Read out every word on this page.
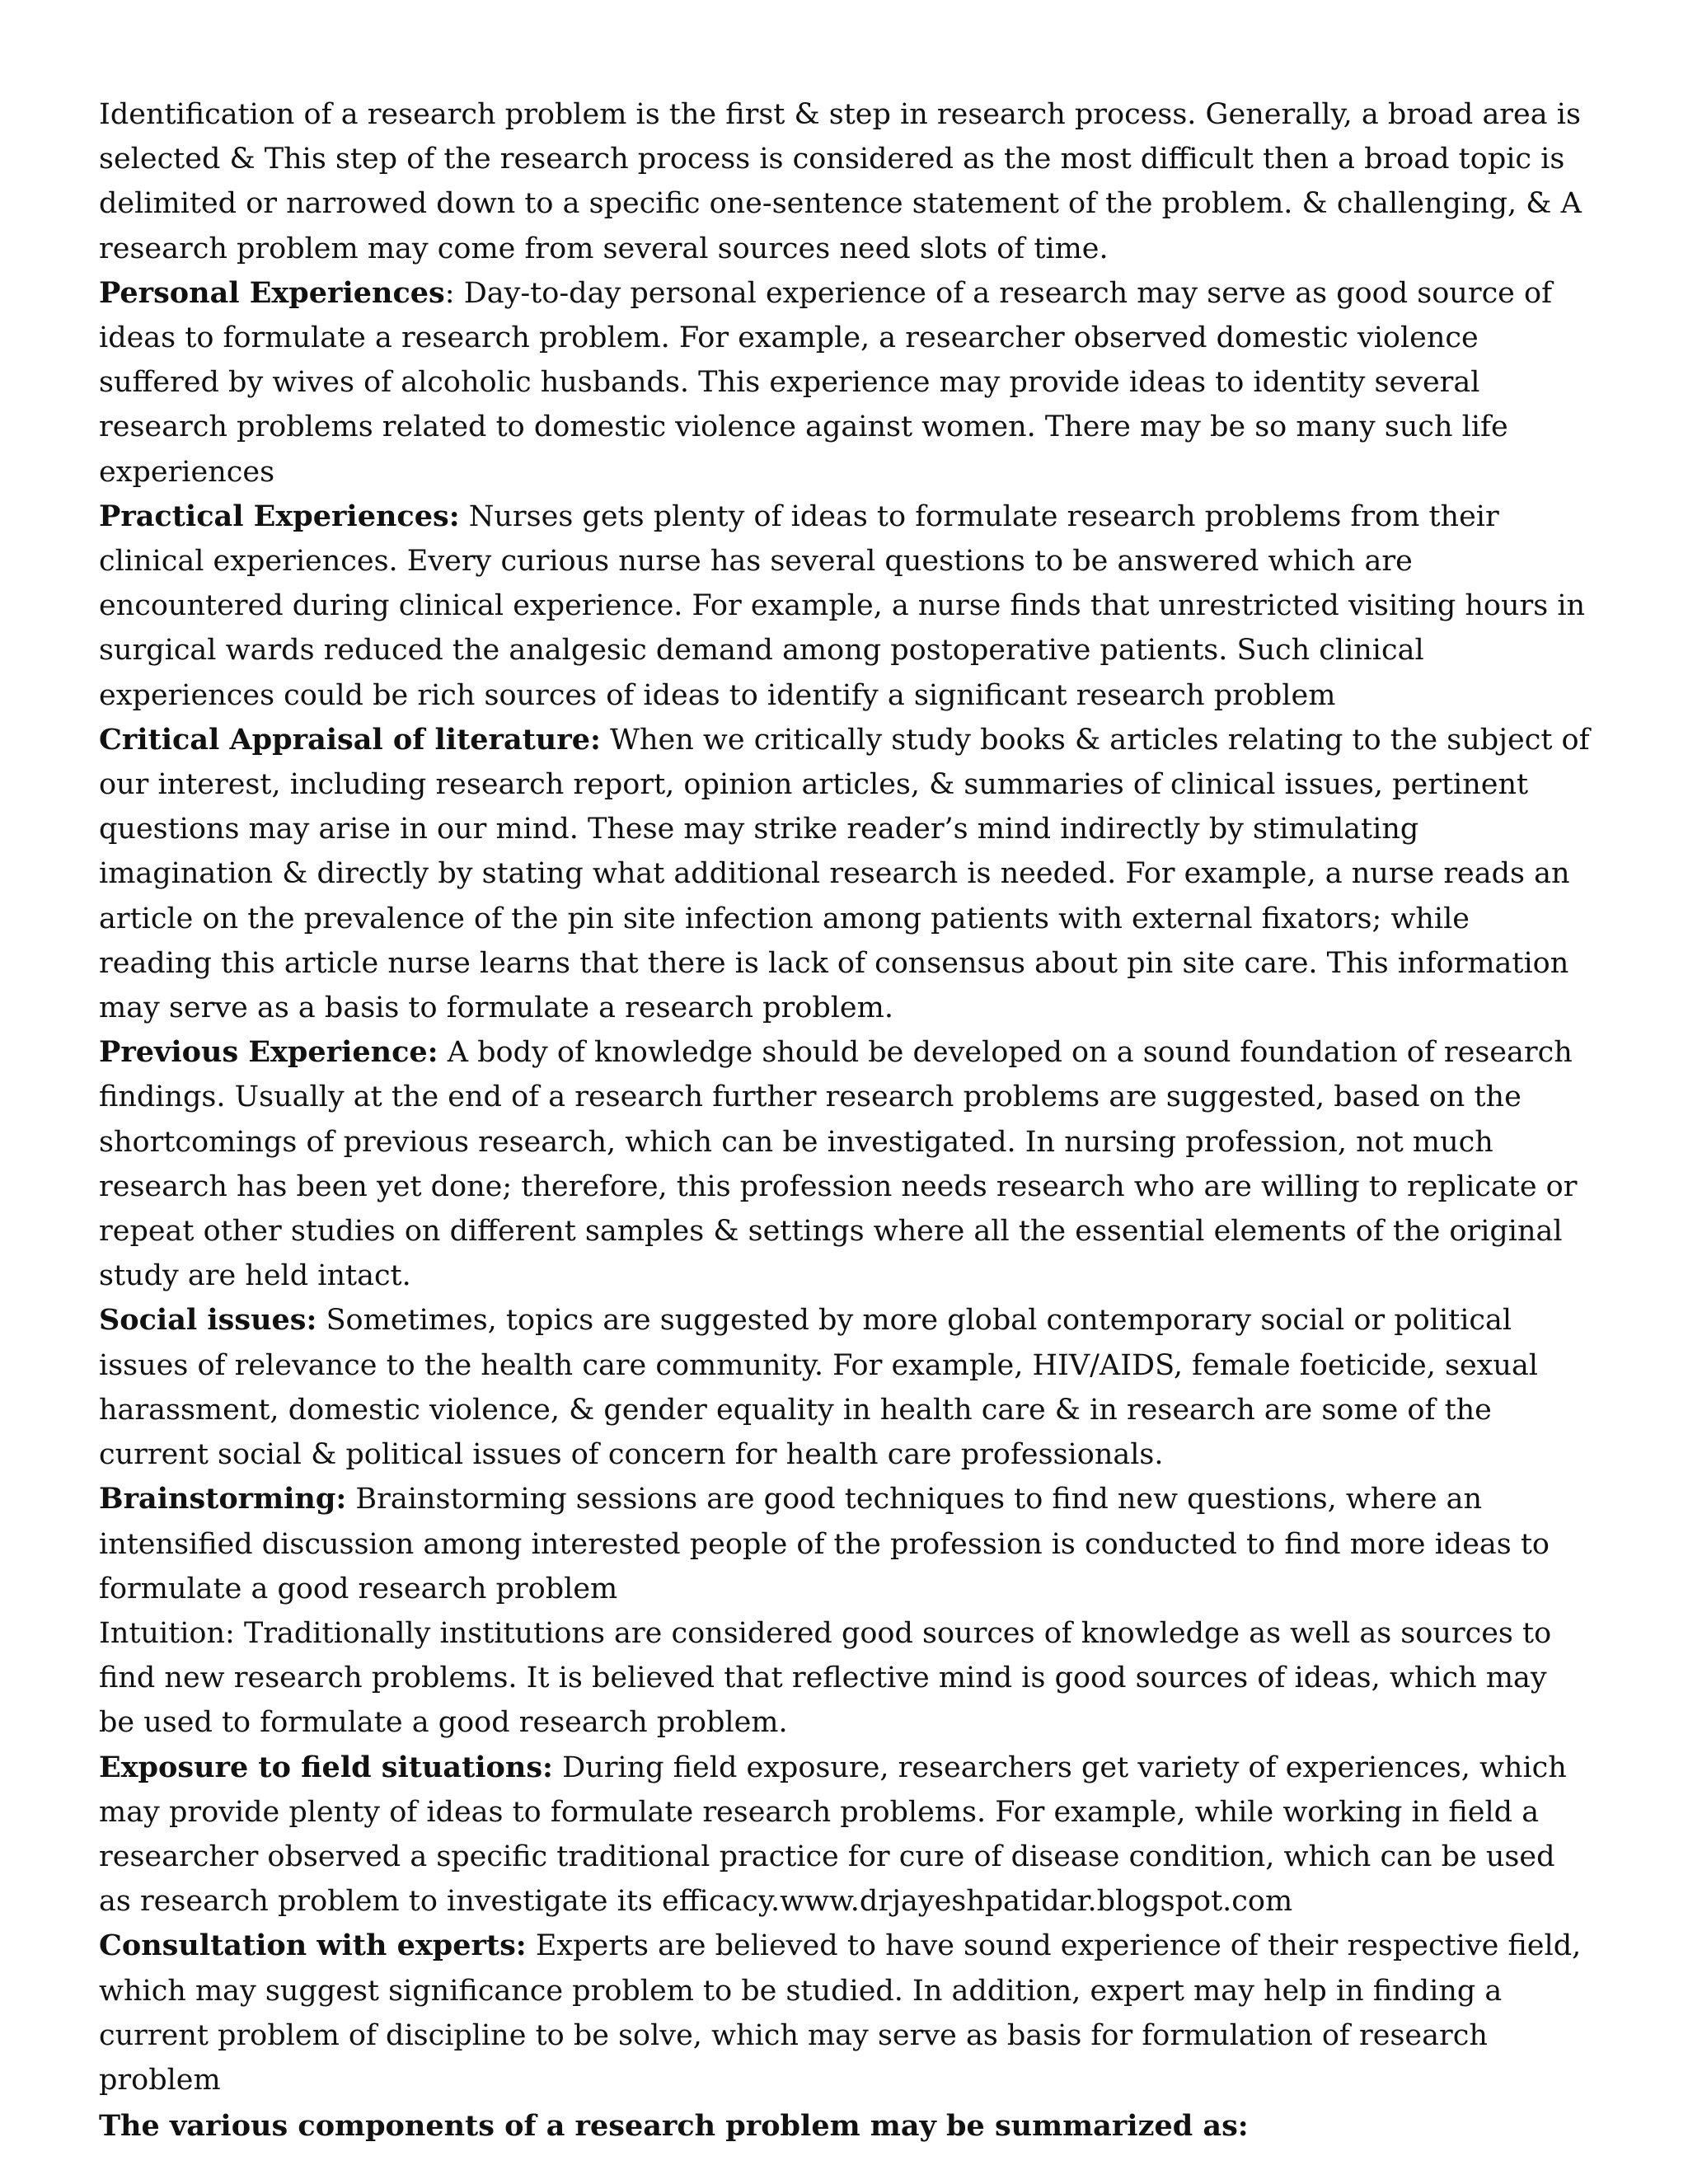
Identification of a research problem is the first & step in research process. Generally, a broad area is selected & This step of the research process is considered as the most difficult then a broad topic is delimited or narrowed down to a specific one-sentence statement of the problem. & challenging, & A research problem may come from several sources need slots of time.

Personal Experiences: Day-to-day personal experience of a research may serve as good source of ideas to formulate a research problem. For example, a researcher observed domestic violence suffered by wives of alcoholic husbands. This experience may provide ideas to identity several research problems related to domestic violence against women. There may be so many such life experiences

Practical Experiences: Nurses gets plenty of ideas to formulate research problems from their clinical experiences. Every curious nurse has several questions to be answered which are encountered during clinical experience. For example, a nurse finds that unrestricted visiting hours in surgical wards reduced the analgesic demand among postoperative patients. Such clinical experiences could be rich sources of ideas to identify a significant research problem

Critical Appraisal of literature: When we critically study books & articles relating to the subject of our interest, including research report, opinion articles, & summaries of clinical issues, pertinent questions may arise in our mind. These may strike reader’s mind indirectly by stimulating imagination & directly by stating what additional research is needed. For example, a nurse reads an article on the prevalence of the pin site infection among patients with external fixators; while reading this article nurse learns that there is lack of consensus about pin site care. This information may serve as a basis to formulate a research problem.

Previous Experience: A body of knowledge should be developed on a sound foundation of research findings. Usually at the end of a research further research problems are suggested, based on the shortcomings of previous research, which can be investigated. In nursing profession, not much research has been yet done; therefore, this profession needs research who are willing to replicate or repeat other studies on different samples & settings where all the essential elements of the original study are held intact.

Social issues: Sometimes, topics are suggested by more global contemporary social or political issues of relevance to the health care community. For example, HIV/AIDS, female foeticide, sexual harassment, domestic violence, & gender equality in health care & in research are some of the current social & political issues of concern for health care professionals.

Brainstorming: Brainstorming sessions are good techniques to find new questions, where an intensified discussion among interested people of the profession is conducted to find more ideas to formulate a good research problem

Intuition: Traditionally institutions are considered good sources of knowledge as well as sources to find new research problems. It is believed that reflective mind is good sources of ideas, which may be used to formulate a good research problem.

Exposure to field situations: During field exposure, researchers get variety of experiences, which may provide plenty of ideas to formulate research problems. For example, while working in field a researcher observed a specific traditional practice for cure of disease condition, which can be used as research problem to investigate its efficacy.www.drjayeshpatidar.blogspot.com

Consultation with experts: Experts are believed to have sound experience of their respective field, which may suggest significance problem to be studied. In addition, expert may help in finding a current problem of discipline to be solve, which may serve as basis for formulation of research problem

The various components of a research problem may be summarized as:
